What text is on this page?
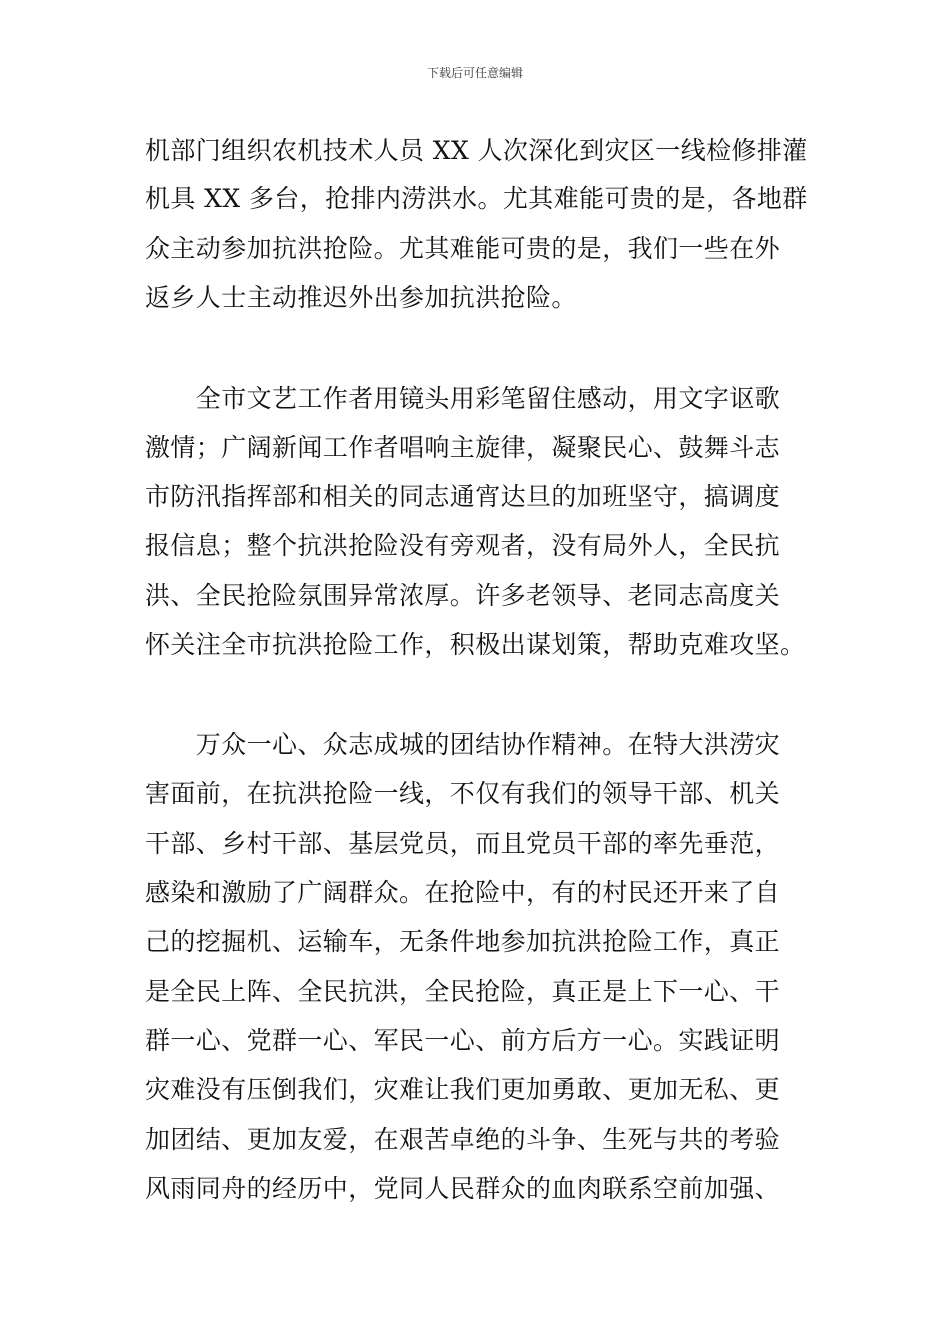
下载后可任意编辑
机部门组织农机技术人员 XX 人次深化到灾区一线检修排灌
机具 XX 多台，抢排内涝洪水。尤其难能可贵的是，各地群
众主动参加抗洪抢险。尤其难能可贵的是，我们一些在外
返乡人士主动推迟外出参加抗洪抢险。
　　全市文艺工作者用镜头用彩笔留住感动，用文字讴歌
激情；广阔新闻工作者唱响主旋律，凝聚民心、鼓舞斗志
市防汛指挥部和相关的同志通宵达旦的加班坚守，搞调度
报信息；整个抗洪抢险没有旁观者，没有局外人，全民抗
洪、全民抢险氛围异常浓厚。许多老领导、老同志高度关
怀关注全市抗洪抢险工作，积极出谋划策，帮助克难攻坚。
　　万众一心、众志成城的团结协作精神。在特大洪涝灾
害面前，在抗洪抢险一线，不仅有我们的领导干部、机关
干部、乡村干部、基层党员，而且党员干部的率先垂范，
感染和激励了广阔群众。在抢险中，有的村民还开来了自
己的挖掘机、运输车，无条件地参加抗洪抢险工作，真正
是全民上阵、全民抗洪，全民抢险，真正是上下一心、干
群一心、党群一心、军民一心、前方后方一心。实践证明
灾难没有压倒我们，灾难让我们更加勇敢、更加无私、更
加团结、更加友爱，在艰苦卓绝的斗争、生死与共的考验
风雨同舟的经历中，党同人民群众的血肉联系空前加强、
